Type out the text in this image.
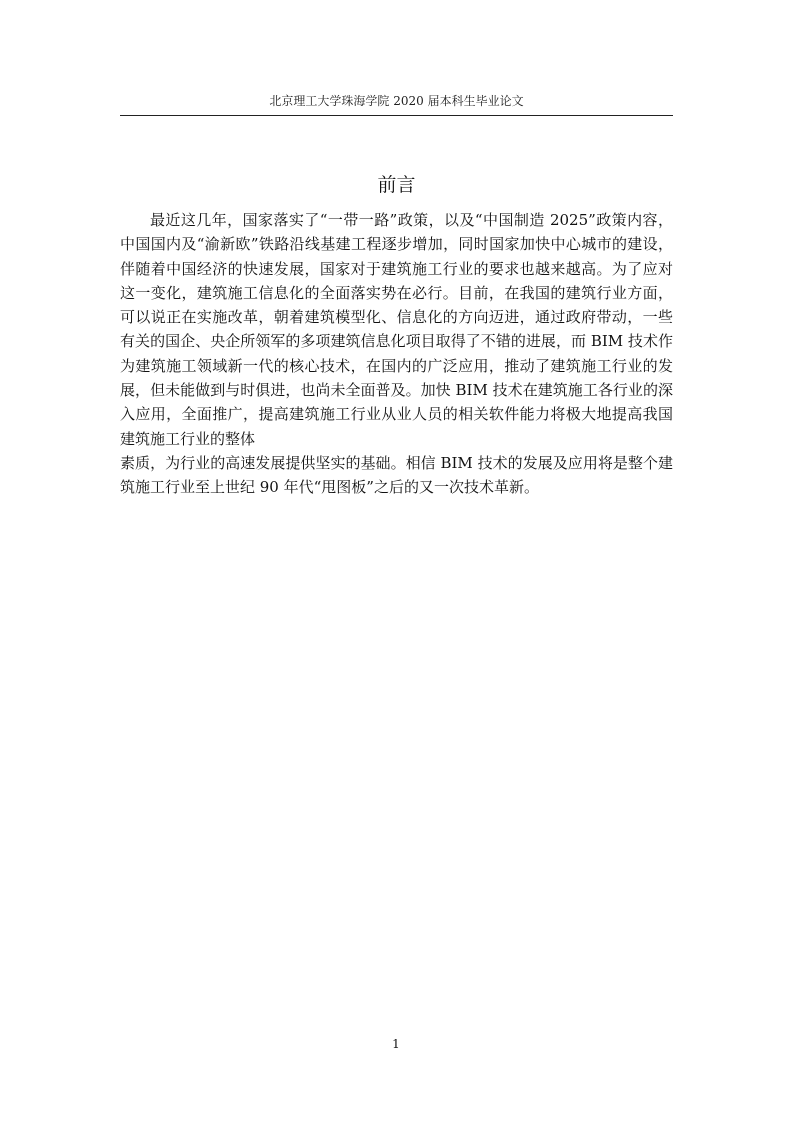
北京理工大学珠海学院 2020 届本科生毕业论文
前言

最近这几年，国家落实了“一带一路”政策，以及“中国制造 2025”政策内容，中国国内及“渝新欧”铁路沿线基建工程逐步增加，同时国家加快中心城市的建设，伴随着中国经济的快速发展，国家对于建筑施工行业的要求也越来越高。为了应对这一变化，建筑施工信息化的全面落实势在必行。目前，在我国的建筑行业方面，可以说正在实施改革，朝着建筑模型化、信息化的方向迈进，通过政府带动，一些有关的国企、央企所领军的多项建筑信息化项目取得了不错的进展，而 BIM 技术作为建筑施工领域新一代的核心技术，在国内的广泛应用，推动了建筑施工行业的发展，但未能做到与时俱进，也尚未全面普及。加快 BIM 技术在建筑施工各行业的深入应用，全面推广，提高建筑施工行业从业人员的相关软件能力将极大地提高我国建筑施工行业的整体

素质，为行业的高速发展提供坚实的基础。相信 BIM 技术的发展及应用将是整个建筑施工行业至上世纪 90 年代“甩图板”之后的又一次技术革新。

1
